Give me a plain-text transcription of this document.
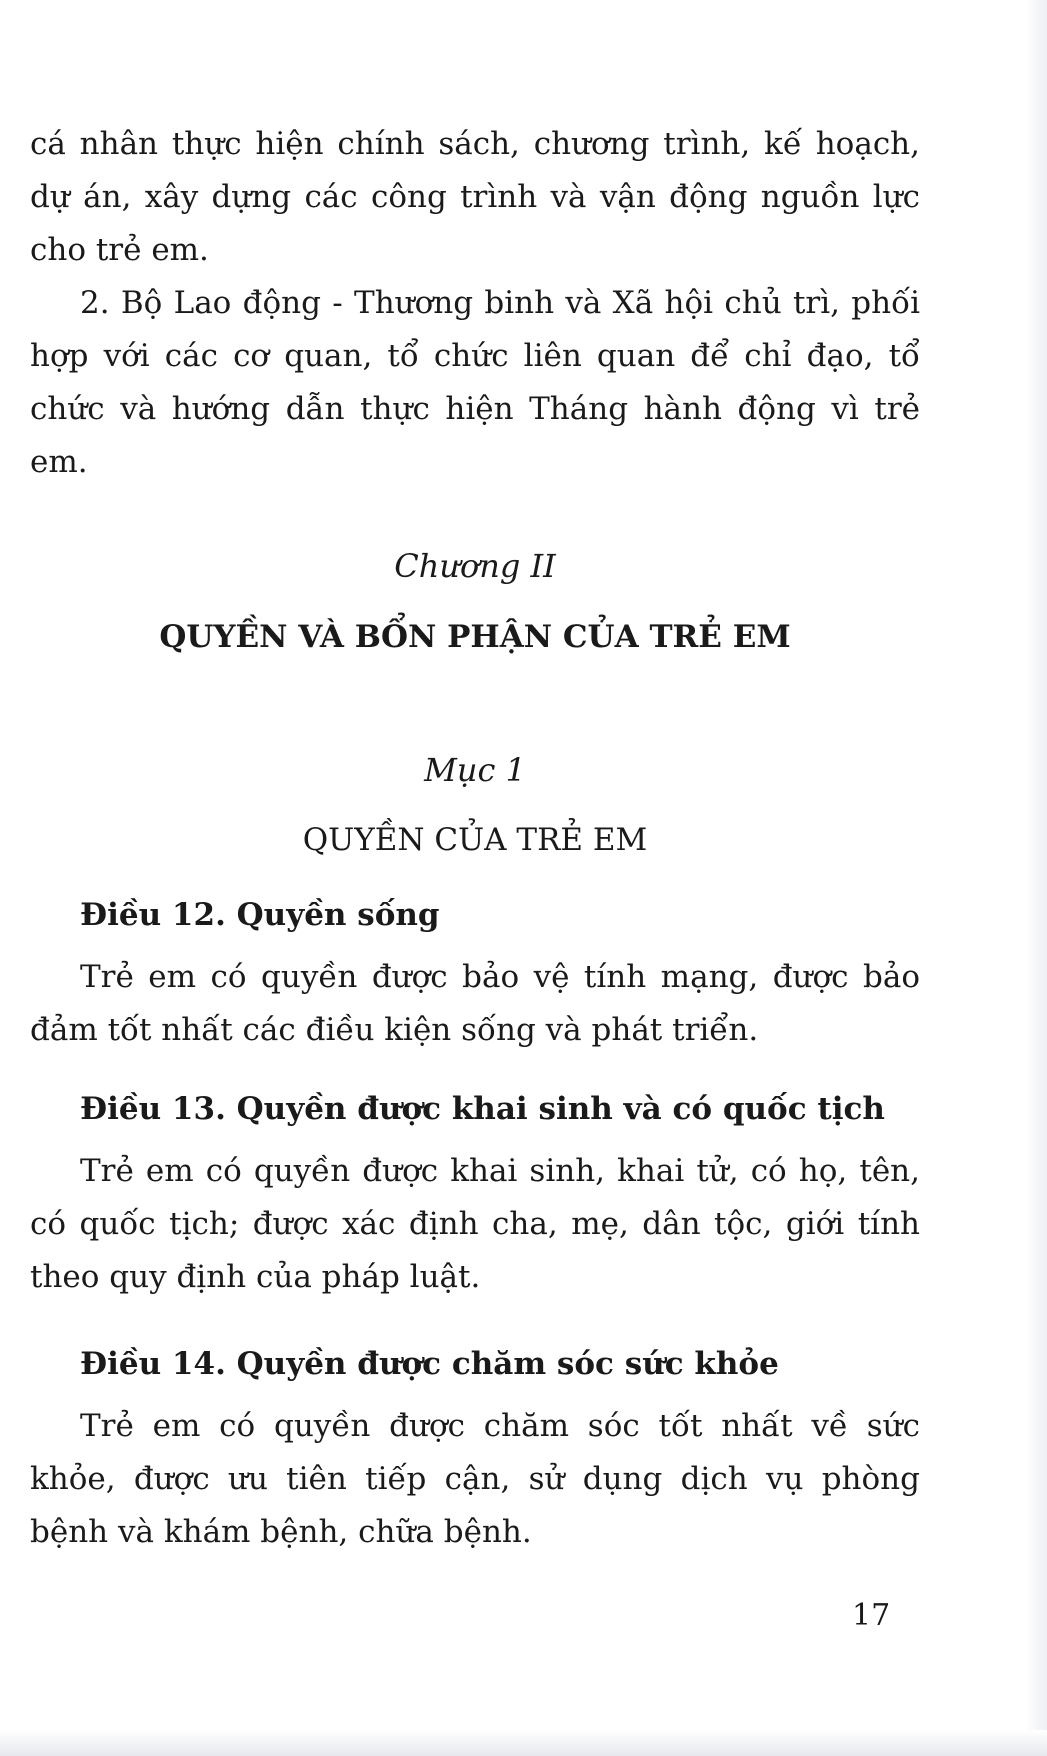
cá nhân thực hiện chính sách, chương trình, kế hoạch, dự án, xây dựng các công trình và vận động nguồn lực cho trẻ em.

2. Bộ Lao động - Thương binh và Xã hội chủ trì, phối hợp với các cơ quan, tổ chức liên quan để chỉ đạo, tổ chức và hướng dẫn thực hiện Tháng hành động vì trẻ em.

Chương II

QUYỀN VÀ BỔN PHẬN CỦA TRẺ EM

Mục 1

QUYỀN CỦA TRẺ EM

Điều 12. Quyền sống

Trẻ em có quyền được bảo vệ tính mạng, được bảo đảm tốt nhất các điều kiện sống và phát triển.

Điều 13. Quyền được khai sinh và có quốc tịch

Trẻ em có quyền được khai sinh, khai tử, có họ, tên, có quốc tịch; được xác định cha, mẹ, dân tộc, giới tính theo quy định của pháp luật.

Điều 14. Quyền được chăm sóc sức khỏe

Trẻ em có quyền được chăm sóc tốt nhất về sức khỏe, được ưu tiên tiếp cận, sử dụng dịch vụ phòng bệnh và khám bệnh, chữa bệnh.

17
